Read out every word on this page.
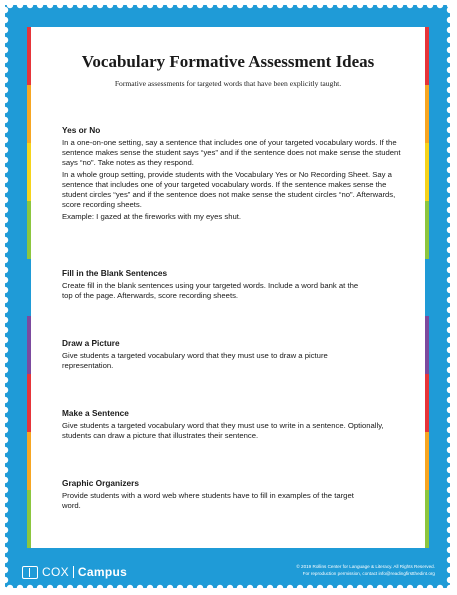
Vocabulary Formative Assessment Ideas
Formative assessments for targeted words that have been explicitly taught.
Yes or No

In a one-on-one setting, say a sentence that includes one of your targeted vocabulary words. If the sentence makes sense the student says “yes” and if the sentence does not make sense the student says “no”. Take notes as they respond.

In a whole group setting, provide students with the Vocabulary Yes or No Recording Sheet. Say a sentence that includes one of your targeted vocabulary words. If the sentence makes sense the student circles “yes” and if the sentence does not make sense the student circles “no”. Afterwards, score recording sheets.

Example: I gazed at the fireworks with my eyes shut.

Fill in the Blank Sentences

Create fill in the blank sentences using your targeted words. Include a word bank at the top of the page. Afterwards, score recording sheets.

Draw a Picture

Give students a targeted vocabulary word that they must use to draw a picture representation.

Make a Sentence

Give students a targeted vocabulary word that they must use to write in a sentence. Optionally, students can draw a picture that illustrates their sentence.

Graphic Organizers

Provide students with a word web where students have to fill in examples of the target word.

COX Campus	© 2019 Rollins Center for Language & Literacy. All Rights Reserved.
For reproduction permission, contact info@readingfirstthedint.org
